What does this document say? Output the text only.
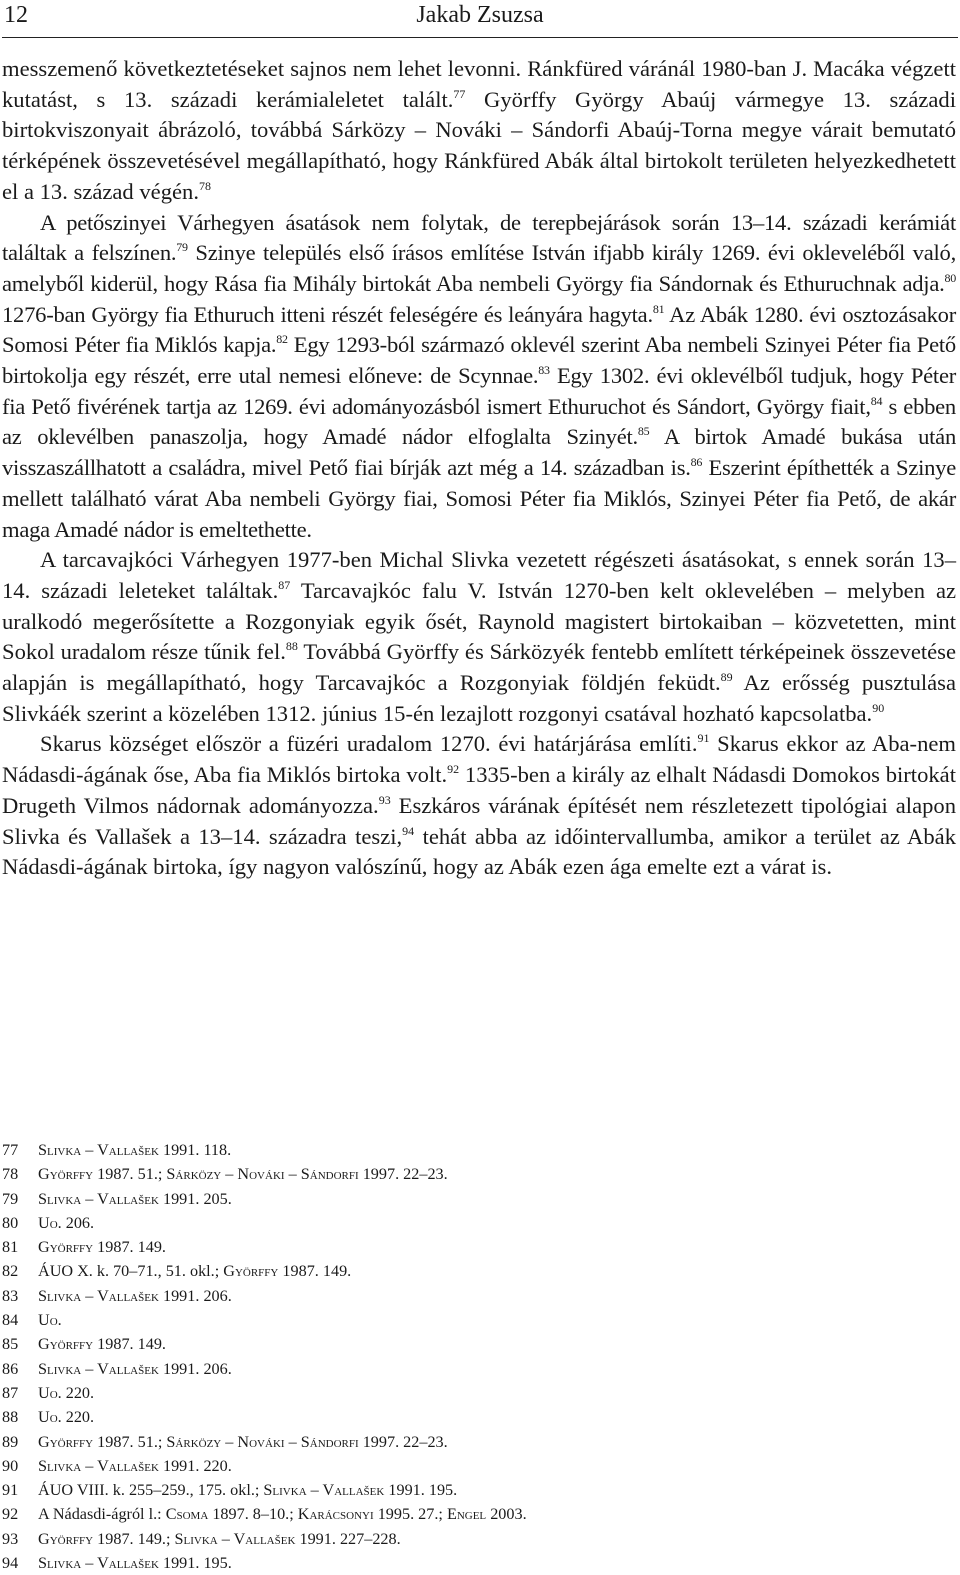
12	Jakab Zsuzsa

messzemenő következtetéseket sajnos nem lehet levonni. Ránkfüred váránál 1980-ban J. Macáka végzett kutatást, s 13. századi kerámialeletet talált.$^{77}$ Györffy György Abaúj vármegye 13. századi birtokviszonyait ábrázoló, továbbá Sárközy – Nováki – Sándorfi Abaúj-Torna megye várait bemutató térképének összevetésével megállapítható, hogy Ránkfüred Abák által birtokolt területen helyezkedhetett el a 13. század végén.$^{78}$

A petőszinyei Várhegyen ásatások nem folytak, de terepbejárások során 13–14. századi kerámiát találtak a felszínen.$^{79}$ Szinye település első írásos említése István ifjabb király 1269. évi okleveléből való, amelyből kiderül, hogy Rása fia Mihály birtokát Aba nembeli György fia Sándornak és Ethuruchnak adja.$^{80}$ 1276-ban György fia Ethuruch itteni részét feleségére és leányára hagyta.$^{81}$ Az Abák 1280. évi osztozásakor Somosi Péter fia Miklós kapja.$^{82}$ Egy 1293-ból származó oklevél szerint Aba nembeli Szinyei Péter fia Pető birtokolja egy részét, erre utal nemesi előneve: de Scynnae.$^{83}$ Egy 1302. évi oklevélből tudjuk, hogy Péter fia Pető fivérének tartja az 1269. évi adományozásból ismert Ethuruchot és Sándort, György fiait,$^{84}$ s ebben az oklevélben panaszolja, hogy Amadé nádor elfoglalta Szinyét.$^{85}$ A birtok Amadé bukása után visszaszállhatott a családra, mivel Pető fiai bírják azt még a 14. században is.$^{86}$ Eszerint építhették a Szinye mellett található várat Aba nembeli György fiai, Somosi Péter fia Miklós, Szinyei Péter fia Pető, de akár maga Amadé nádor is emeltethette.

A tarcavajkóci Várhegyen 1977-ben Michal Slivka vezetett régészeti ásatásokat, s ennek során 13–14. századi leleteket találtak.$^{87}$ Tarcavajkóc falu V. István 1270-ben kelt oklevelében – melyben az uralkodó megerősítette a Rozgonyiak egyik ősét, Raynold magistert birtokaiban – közvetetten, mint Sokol uradalom része tűnik fel.$^{88}$ Továbbá Györffy és Sárközyék fentebb említett térképeinek összevetése alapján is megállapítható, hogy Tarcavajkóc a Rozgonyiak földjén feküdt.$^{89}$ Az erősség pusztulása Slivkáék szerint a közelében 1312. június 15-én lezajlott rozgonyi csatával hozható kapcsolatba.$^{90}$

Skarus községet először a füzéri uradalom 1270. évi határjárása említi.$^{91}$ Skarus ekkor az Aba-nem Nádasdi-ágának őse, Aba fia Miklós birtoka volt.$^{92}$ 1335-ben a király az elhalt Nádasdi Domokos birtokát Drugeth Vilmos nádornak adományozza.$^{93}$ Eszkáros várának építését nem részletezett tipológiai alapon Slivka és Vallašek a 13–14. századra teszi,$^{94}$ tehát abba az időintervallumba, amikor a terület az Abák Nádasdi-ágának birtoka, így nagyon valószínű, hogy az Abák ezen ága emelte ezt a várat is.

77	Slivka – Vallašek 1991. 118.
78	Györffy 1987. 51.; Sárközy – Nováki – Sándorfi 1997. 22–23.
79	Slivka – Vallašek 1991. 205.
80	Uo. 206.
81	Györffy 1987. 149.
82	ÁUO X. k. 70–71., 51. okl.; Györffy 1987. 149.
83	Slivka – Vallašek 1991. 206.
84	Uo.
85	Györffy 1987. 149.
86	Slivka – Vallašek 1991. 206.
87	Uo. 220.
88	Uo. 220.
89	Györffy 1987. 51.; Sárközy – Nováki – Sándorfi 1997. 22–23.
90	Slivka – Vallašek 1991. 220.
91	ÁUO VIII. k. 255–259., 175. okl.; Slivka – Vallašek 1991. 195.
92	A Nádasdi-ágról l.: Csoma 1897. 8–10.; Karácsonyi 1995. 27.; Engel 2003.
93	Györffy 1987. 149.; Slivka – Vallašek 1991. 227–228.
94	Slivka – Vallašek 1991. 195.
